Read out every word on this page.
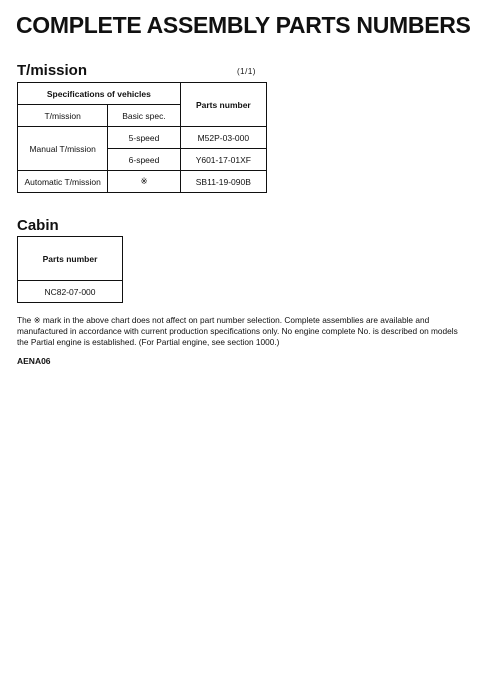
COMPLETE ASSEMBLY PARTS NUMBERS
T/mission	(1/1)
Specifications of vehicles		Parts number
T/mission	Basic spec.	
Manual T/mission	5-speed	M52P-03-000
	6-speed	Y601-17-01XF
Automatic T/mission	※	SB11-19-090B
Cabin
Parts number
NC82-07-000
The ※ mark in the above chart does not affect on part number selection. Complete assemblies are available and manufactured in accordance with current production specifications only. No engine complete No. is described on models the Partial engine is established. (For Partial engine, see section 1000.)
AENA06
